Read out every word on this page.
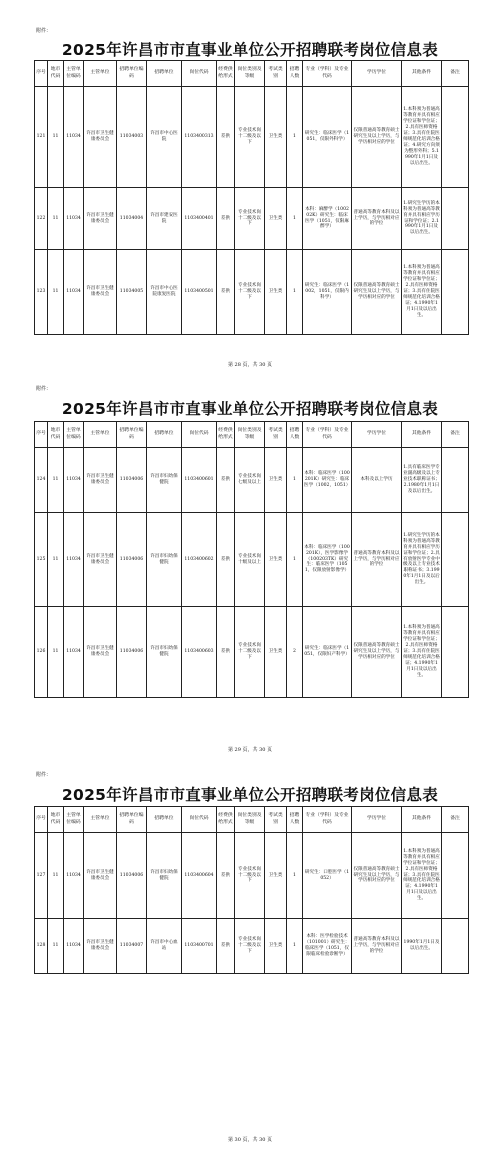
附件：
2025年许昌市市直事业单位公开招聘联考岗位信息表
序号	地市代码	主管单位编码	主管单位	招聘单位编码	招聘单位	岗位代码	经费供给形式	岗位类别及等级	考试类别	招聘人数	专业（学科）及专业代码	学历学位	其他条件	备注
121	11	11034	许昌市卫生健康委员会	11034003	许昌市中心医院	1103400313	差供	专业技术岗十二级及以下	卫生类	1	研究生：临床医学（1051，仅限外科学）	仅限普通高等教育硕士研究生及以上学历，与学历相对应的学位	1.本科须为普通高等教育并具有相应学位证和学位证；2.具有医师资格证；3.具有住院医师规范化培训合格证；4.研究方向须为整形外科；5.1990年1月1日及以后出生。	
122	11	11034	许昌市卫生健康委员会	11034004	许昌市建安医院	1103400401	差供	专业技术岗十二级及以下	卫生类	1	本科：麻醉学（100202K）研究生：临床医学（1051，仅限麻醉学）	普通高等教育本科及以上学历，与学历相对应的学位	1.研究生学历的本科须为普通高等教育并具有相应学历证和学位证；2.1990年1月1日及以后出生。	
123	11	11034	许昌市卫生健康委员会	11034005	许昌市中心医院康复医院	1103400501	差供	专业技术岗十二级及以下	卫生类	1	研究生：临床医学（1002，1051，仅限内科学）	仅限普通高等教育硕士研究生及以上学历，与学历相对应的学位	1.本科须为普通高等教育并具有相应学位证和学位证；2.具有医师资格证；3.具有住院医师规范化培训合格证；4.1990年1月1日及以后出生。	
第 28 页，共 30 页
附件：
2025年许昌市市直事业单位公开招聘联考岗位信息表
序号	地市代码	主管单位编码	主管单位	招聘单位编码	招聘单位	岗位代码	经费供给形式	岗位类别及等级	考试类别	招聘人数	专业（学科）及专业代码	学历学位	其他条件	备注
124	11	11034	许昌市卫生健康委员会	11034006	许昌市妇幼保健院	1103400601	差供	专业技术岗七级及以上	卫生类	1	本科：临床医学（100201K）研究生：临床医学（1002，1051）	本科及以上学历	1.具有临床医学专业副高级及以上专业技术职称证书；2.1980年1月1日及以后出生。	
125	11	11034	许昌市卫生健康委员会	11034006	许昌市妇幼保健院	1103400602	差供	专业技术岗十级及以上	卫生类	1	本科：临床医学（100201K），医学影像学（100203TK）研究生：临床医学（1051，仅限放射影像学）	普通高等教育本科及以上学历，与学历相对应的学位	1.研究生学历的本科须为普通高等教育并具有相应学历证和学位证；2.具有放射医学专业中级及以上专业技术职称证书；3.1990年1月1日及以后出生。	
126	11	11034	许昌市卫生健康委员会	11034006	许昌市妇幼保健院	1103400603	差供	专业技术岗十二级及以下	卫生类	2	研究生：临床医学（1051，仅限妇产科学）	仅限普通高等教育硕士研究生及以上学历，与学历相对应的学位	1.本科须为普通高等教育并具有相应学位证和学位证；2.具有医师资格证；3.具有住院医师规范化培训合格证；4.1990年1月1日及以后出生。	
第 29 页，共 30 页
附件：
2025年许昌市市直事业单位公开招聘联考岗位信息表
序号	地市代码	主管单位编码	主管单位	招聘单位编码	招聘单位	岗位代码	经费供给形式	岗位类别及等级	考试类别	招聘人数	专业（学科）及专业代码	学历学位	其他条件	备注
127	11	11034	许昌市卫生健康委员会	11034006	许昌市妇幼保健院	1103400604	差供	专业技术岗十二级及以下	卫生类	1	研究生：口腔医学（1052）	仅限普通高等教育硕士研究生及以上学历，与学历相对应的学位	1.本科须为普通高等教育并具有相应学位证和学位证；2.具有医师资格证；3.具有住院医师规范化培训合格证；4.1990年1月1日及以后出生。	
128	11	11034	许昌市卫生健康委员会	11034007	许昌市中心血站	1103400701	差供	专业技术岗十二级及以下	卫生类	1	本科：医学检验技术（101001）研究生：临床医学（1051，仅限临床检验诊断学）	普通高等教育本科及以上学历，与学历相对应的学位	1990年1月1日及以后出生。	
第 30 页，共 30 页
